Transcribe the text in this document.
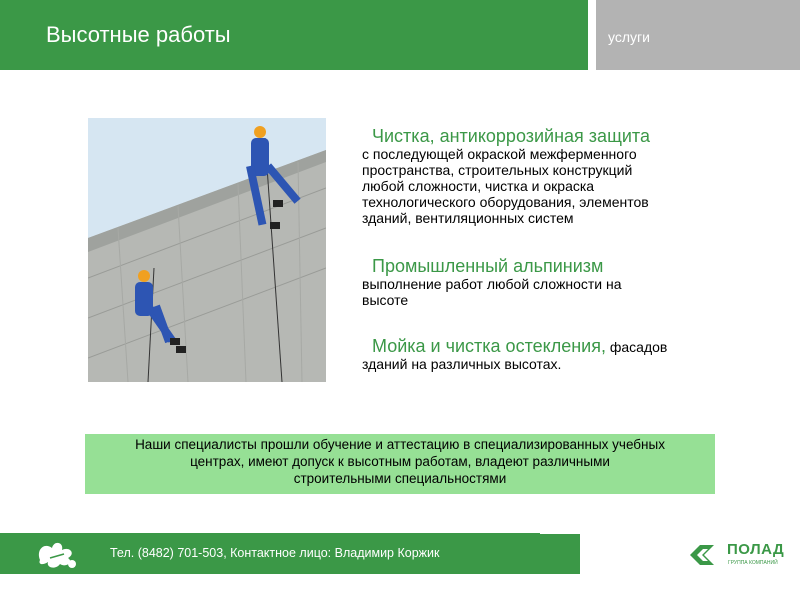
Высотные работы	услуги
Чистка, антикоррозийная защита
с последующей окраской межферменного
пространства, строительных конструкций
любой сложности, чистка и окраска
технологического оборудования, элементов
зданий, вентиляционных систем
Промышленный альпинизм
выполнение работ любой сложности на
высоте
Мойка и чистка остекления, фасадов
зданий на различных высотах.
Наши специалисты прошли обучение и аттестацию в специализированных учебных
центрах, имеют допуск к высотным работам, владеют различными
строительными специальностями
Тел. (8482) 701-503, Контактное лицо: Владимир Коржик	ПОЛАД
ГРУППА КОМПАНИЙ
